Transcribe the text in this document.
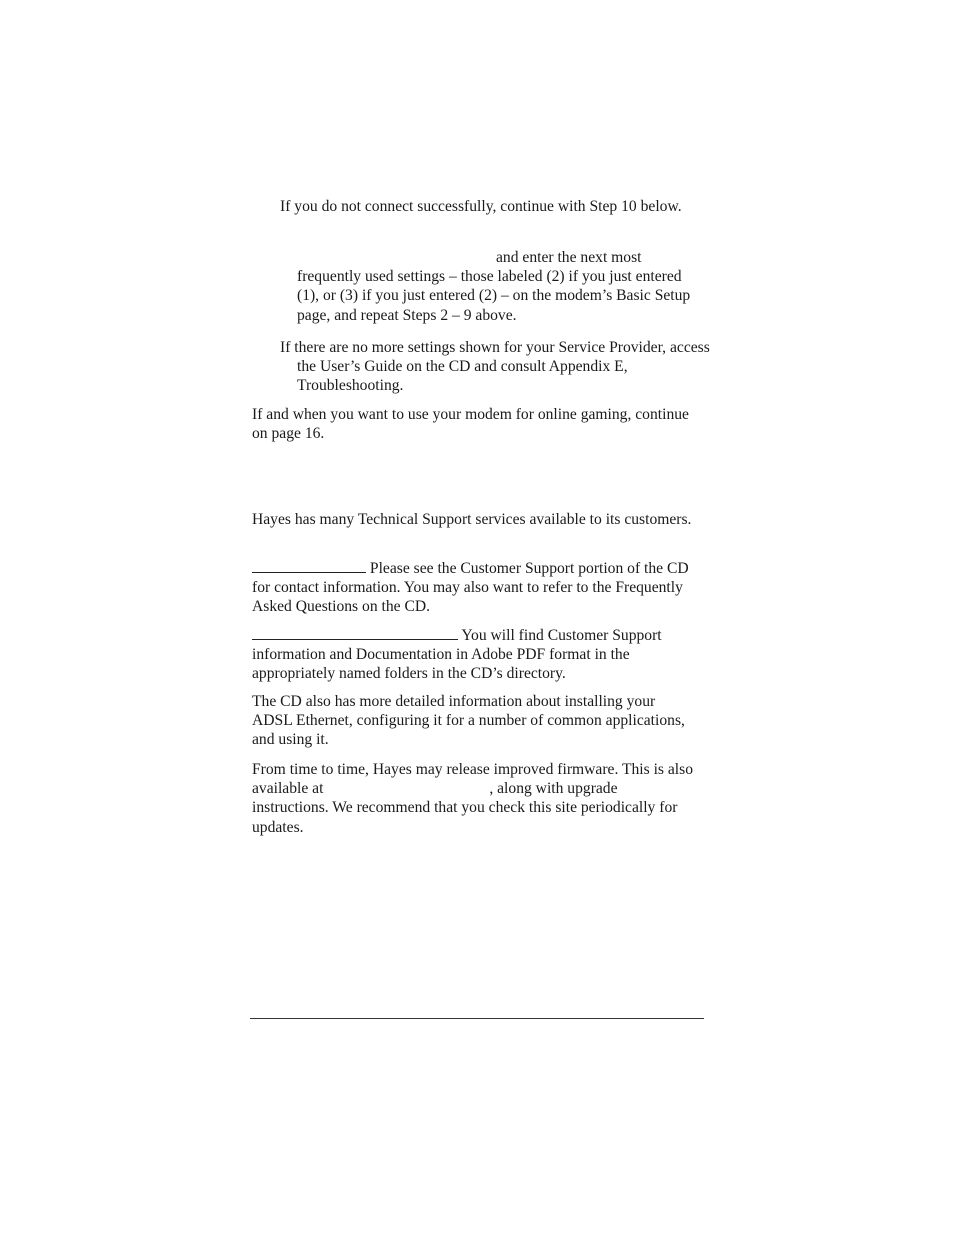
If you do not connect successfully, continue with Step 10 below.

and enter the next most frequently used settings – those labeled (2) if you just entered (1), or (3) if you just entered (2) – on the modem’s Basic Setup page, and repeat Steps 2 – 9 above.

If there are no more settings shown for your Service Provider, access the User’s Guide on the CD and consult Appendix E, Troubleshooting.

If and when you want to use your modem for online gaming, continue on page 16.

Hayes has many Technical Support services available to its customers.

Please see the Customer Support portion of the CD for contact information. You may also want to refer to the Frequently Asked Questions on the CD.

You will find Customer Support information and Documentation in Adobe PDF format in the appropriately named folders in the CD’s directory.

The CD also has more detailed information about installing your ADSL Ethernet, configuring it for a number of common applications, and using it.

From time to time, Hayes may release improved firmware. This is also available at	, along with upgrade instructions. We recommend that you check this site periodically for updates.
